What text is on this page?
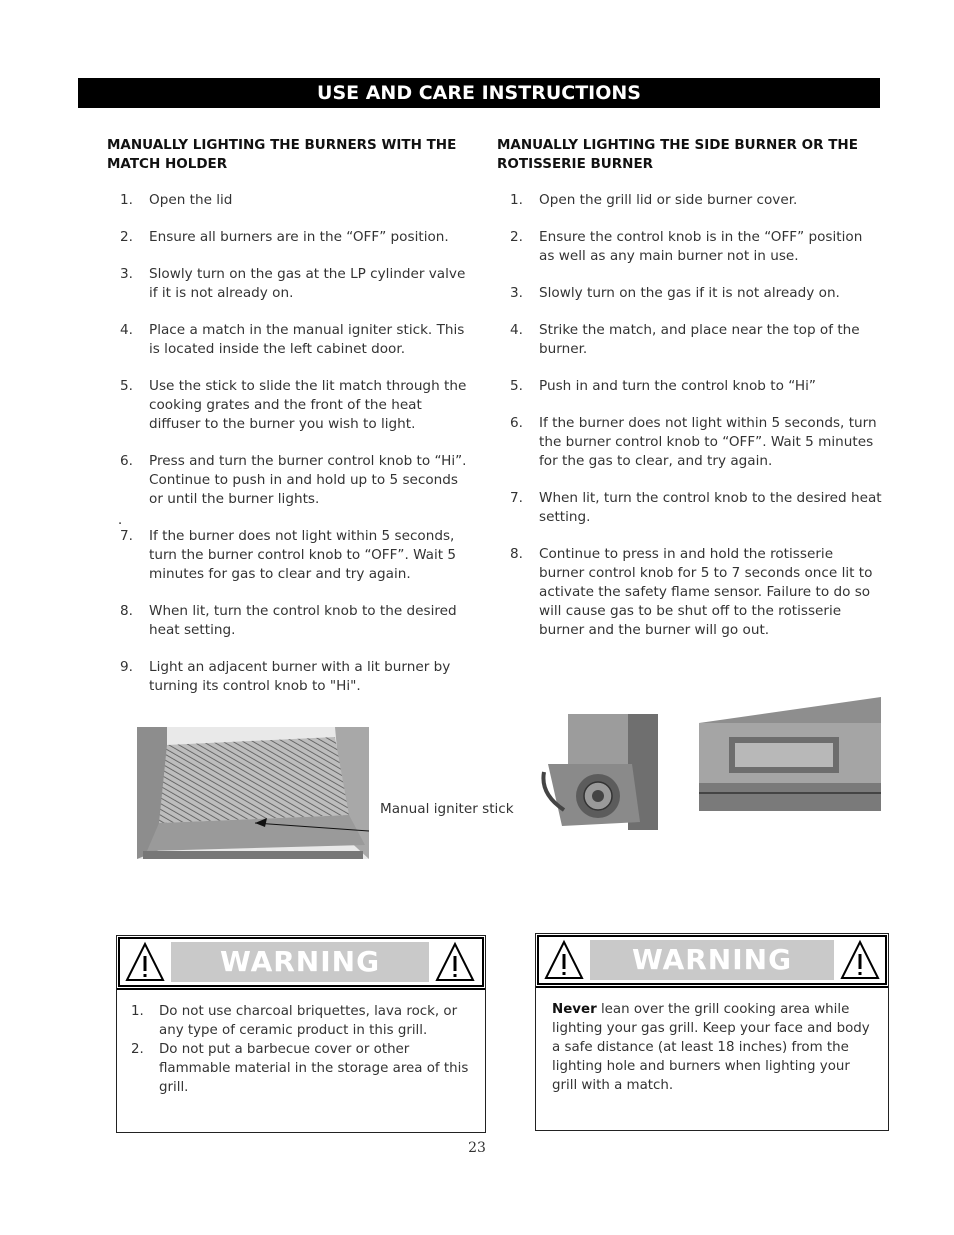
USE AND CARE INSTRUCTIONS
MANUALLY LIGHTING THE BURNERS WITH THE MATCH HOLDER
1. Open the lid
2. Ensure all burners are in the “OFF” position.
3. Slowly turn on the gas at the LP cylinder valve if it is not already on.
4. Place a match in the manual igniter stick. This is located inside the left cabinet door.
5. Use the stick to slide the lit match through the cooking grates and the front of the heat diffuser to the burner you wish to light.
6. Press and turn the burner control knob to “Hi”. Continue to push in and hold up to 5 seconds or until the burner lights.
7. If the burner does not light within 5 seconds, turn the burner control knob to “OFF”. Wait 5 minutes for gas to clear and try again.
8. When lit, turn the control knob to the desired heat setting.
9. Light an adjacent burner with a lit burner by turning its control knob to "Hi".
.
MANUALLY LIGHTING THE SIDE BURNER OR THE ROTISSERIE BURNER
1. Open the grill lid or side burner cover.
2. Ensure the control knob is in the “OFF” position as well as any main burner not in use.
3. Slowly turn on the gas if it is not already on.
4. Strike the match, and place near the top of the burner.
5. Push in and turn the control knob to “Hi”
6. If the burner does not light within 5 seconds, turn the burner control knob to “OFF”. Wait 5 minutes for the gas to clear, and try again.
7. When lit, turn the control knob to the desired heat setting.
8. Continue to press in and hold the rotisserie burner control knob for 5 to 7 seconds once lit to activate the safety flame sensor. Failure to do so will cause gas to be shut off to the rotisserie burner and the burner will go out.
Manual igniter stick
WARNING
1. Do not use charcoal briquettes, lava rock, or any type of ceramic product in this grill.
2. Do not put a barbecue cover or other flammable material in the storage area of this grill.
WARNING
Never lean over the grill cooking area while lighting your gas grill. Keep your face and body a safe distance (at least 18 inches) from the lighting hole and burners when lighting your grill with a match.
23
